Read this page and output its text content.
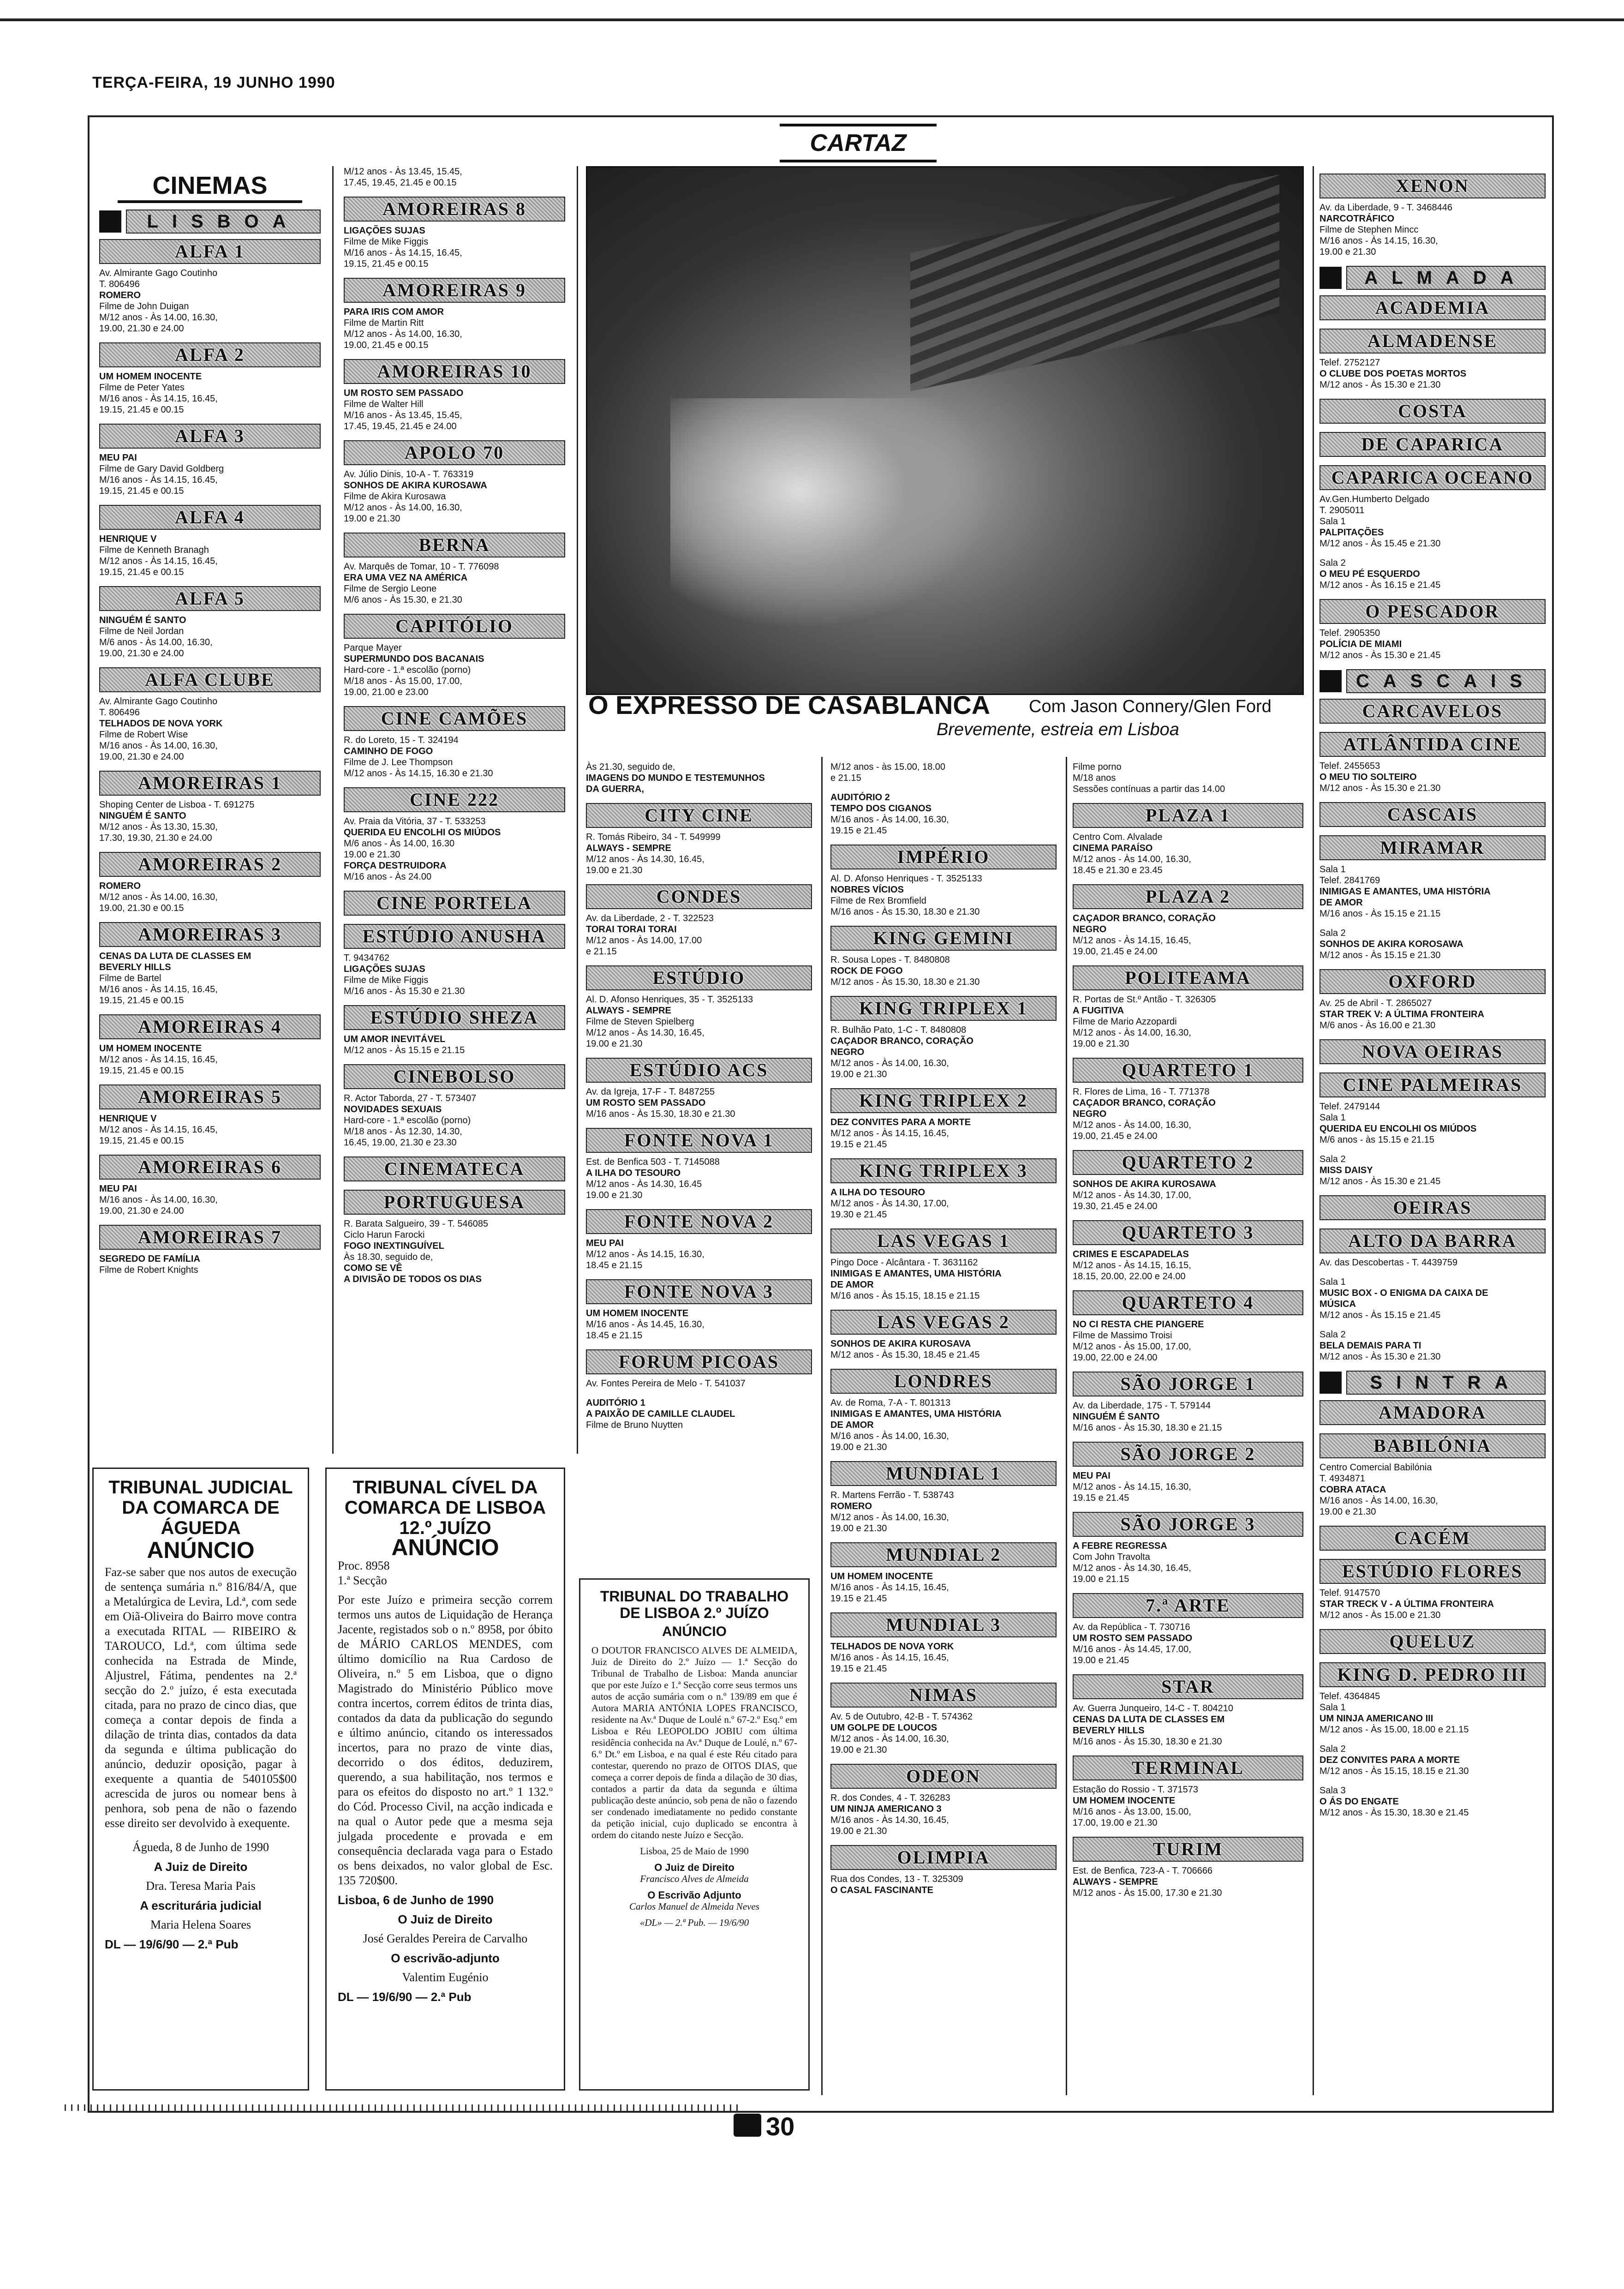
TERÇA-FEIRA, 19 JUNHO 1990
CARTAZ
CINEMAS
LISBOA
ALFA 1
Av. Almirante Gago Coutinho
T. 806496
ROMERO
Filme de John Duigan
M/12 anos - Às 14.00, 16.30,
19.00, 21.30 e 24.00
ALFA 2
UM HOMEM INOCENTE
Filme de Peter Yates
M/16 anos - Às 14.15, 16.45,
19.15, 21.45 e 00.15
ALFA 3
MEU PAI
Filme de Gary David Goldberg
M/16 anos - Às 14.15, 16.45,
19.15, 21.45 e 00.15
ALFA 4
HENRIQUE V
Filme de Kenneth Branagh
M/12 anos - Às 14.15, 16.45,
19.15, 21.45 e 00.15
ALFA 5
NINGUÉM É SANTO
Filme de Neil Jordan
M/6 anos - Às 14.00, 16.30,
19.00, 21.30 e 24.00
ALFA CLUBE
Av. Almirante Gago Coutinho
T. 806496
TELHADOS DE NOVA YORK
Filme de Robert Wise
M/16 anos - Às 14.00, 16.30,
19.00, 21.30 e 24.00
AMOREIRAS 1
Shoping Center de Lisboa - T. 691275
NINGUÉM É SANTO
M/12 anos - Às 13.30, 15.30,
17.30, 19.30, 21.30 e 24.00
AMOREIRAS 2
ROMERO
M/12 anos - Às 14.00, 16.30,
19.00, 21.30 e 00.15
AMOREIRAS 3
CENAS DA LUTA DE CLASSES EM
BEVERLY HILLS
Filme de Bartel
M/16 anos - Às 14.15, 16.45,
19.15, 21.45 e 00.15
AMOREIRAS 4
UM HOMEM INOCENTE
M/12 anos - Às 14.15, 16.45,
19.15, 21.45 e 00.15
AMOREIRAS 5
HENRIQUE V
M/12 anos - Às 14.15, 16.45,
19.15, 21.45 e 00.15
AMOREIRAS 6
MEU PAI
M/16 anos - Às 14.00, 16.30,
19.00, 21.30 e 24.00
AMOREIRAS 7
SEGREDO DE FAMÍLIA
Filme de Robert Knights
M/12 anos - Às 13.45, 15.45,
17.45, 19.45, 21.45 e 00.15
AMOREIRAS 8
LIGAÇÕES SUJAS
Filme de Mike Figgis
M/16 anos - Às 14.15, 16.45,
19.15, 21.45 e 00.15
AMOREIRAS 9
PARA IRIS COM AMOR
Filme de Martin Ritt
M/12 anos - Às 14.00, 16.30,
19.00, 21.45 e 00.15
AMOREIRAS 10
UM ROSTO SEM PASSADO
Filme de Walter Hill
M/16 anos - Às 13.45, 15.45,
17.45, 19.45, 21.45 e 24.00
APOLO 70
Av. Júlio Dinis, 10-A - T. 763319
SONHOS DE AKIRA KUROSAWA
Filme de Akira Kurosawa
M/12 anos - Às 14.00, 16.30,
19.00 e 21.30
BERNA
Av. Marquês de Tomar, 10 - T. 776098
ERA UMA VEZ NA AMÉRICA
Filme de Sergio Leone
M/6 anos - Às 15.30, e 21.30
CAPITÓLIO
Parque Mayer
SUPERMUNDO DOS BACANAIS
Hard-core - 1.ª escolão (porno)
M/18 anos - Às 15.00, 17.00,
19.00, 21.00 e 23.00
CINE CAMÕES
R. do Loreto, 15 - T. 324194
CAMINHO DE FOGO
Filme de J. Lee Thompson
M/12 anos - Às 14.15, 16.30 e 21.30
CINE 222
Av. Praia da Vitória, 37 - T. 533253
QUERIDA EU ENCOLHI OS MIÚDOS
M/6 anos - Às 14.00, 16.30
19.00 e 21.30
FORÇA DESTRUIDORA
M/16 anos - Às 24.00
CINE PORTELA
ESTÚDIO ANUSHA
T. 9434762
LIGAÇÕES SUJAS
Filme de Mike Figgis
M/16 anos - Às 15.30 e 21.30
ESTÚDIO SHEZA
UM AMOR INEVITÁVEL
M/12 anos - Às 15.15 e 21.15
CINEBOLSO
R. Actor Taborda, 27 - T. 573407
NOVIDADES SEXUAIS
Hard-core - 1.ª escolão (porno)
M/18 anos - Às 12.30, 14.30,
16.45, 19.00, 21.30 e 23.30
CINEMATECA
PORTUGUESA
R. Barata Salgueiro, 39 - T. 546085
Ciclo Harun Farocki
FOGO INEXTINGUÍVEL
Às 18.30, seguido de,
COMO SE VÊ
A DIVISÃO DE TODOS OS DIAS
Às 21.30, seguido de,
IMAGENS DO MUNDO E TESTEMUNHOS
DA GUERRA,
CITY CINE
R. Tomás Ribeiro, 34 - T. 549999
ALWAYS - SEMPRE
M/12 anos - Às 14.30, 16.45,
19.00 e 21.30
CONDES
Av. da Liberdade, 2 - T. 322523
TORAI TORAI TORAI
M/12 anos - Às 14.00, 17.00
e 21.15
ESTÚDIO
Al. D. Afonso Henriques, 35 - T. 3525133
ALWAYS - SEMPRE
Filme de Steven Spielberg
M/12 anos - Às 14.30, 16.45,
19.00 e 21.30
ESTÚDIO ACS
Av. da Igreja, 17-F - T. 8487255
UM ROSTO SEM PASSADO
M/16 anos - Às 15.30, 18.30 e 21.30
FONTE NOVA 1
Est. de Benfica 503 - T. 7145088
A ILHA DO TESOURO
M/12 anos - Às 14.30, 16.45
19.00 e 21.30
FONTE NOVA 2
MEU PAI
M/12 anos - Às 14.15, 16.30,
18.45 e 21.15
FONTE NOVA 3
UM HOMEM INOCENTE
M/16 anos - Às 14.45, 16.30,
18.45 e 21.15
FORUM PICOAS
Av. Fontes Pereira de Melo - T. 541037
AUDITÓRIO 1
A PAIXÃO DE CAMILLE CLAUDEL
Filme de Bruno Nuytten
M/12 anos - às 15.00, 18.00
e 21.15
AUDITÓRIO 2
TEMPO DOS CIGANOS
M/16 anos - Às 14.00, 16.30,
19.15 e 21.45
IMPÉRIO
Al. D. Afonso Henriques - T. 3525133
NOBRES VÍCIOS
Filme de Rex Bromfield
M/16 anos - Às 15.30, 18.30 e 21.30
KING GEMINI
R. Sousa Lopes - T. 8480808
ROCK DE FOGO
M/12 anos - Às 15.30, 18.30 e 21.30
KING TRIPLEX 1
R. Bulhão Pato, 1-C - T. 8480808
CAÇADOR BRANCO, CORAÇÃO
NEGRO
M/12 anos - Às 14.00, 16.30,
19.00 e 21.30
KING TRIPLEX 2
DEZ CONVITES PARA A MORTE
M/12 anos - Às 14.15, 16.45,
19.15 e 21.45
KING TRIPLEX 3
A ILHA DO TESOURO
M/12 anos - Às 14.30, 17.00,
19.30 e 21.45
LAS VEGAS 1
Pingo Doce - Alcântara - T. 3631162
INIMIGAS E AMANTES, UMA HISTÓRIA
DE AMOR
M/16 anos - Às 15.15, 18.15 e 21.15
LAS VEGAS 2
SONHOS DE AKIRA KUROSAVA
M/12 anos - Às 15.30, 18.45 e 21.45
LONDRES
Av. de Roma, 7-A - T. 801313
INIMIGAS E AMANTES, UMA HISTÓRIA
DE AMOR
M/16 anos - Às 14.00, 16.30,
19.00 e 21.30
MUNDIAL 1
R. Martens Ferrão - T. 538743
ROMERO
M/12 anos - Às 14.00, 16.30,
19.00 e 21.30
MUNDIAL 2
UM HOMEM INOCENTE
M/16 anos - Às 14.15, 16.45,
19.15 e 21.45
MUNDIAL 3
TELHADOS DE NOVA YORK
M/16 anos - Às 14.15, 16.45,
19.15 e 21.45
NIMAS
Av. 5 de Outubro, 42-B - T. 574362
UM GOLPE DE LOUCOS
M/12 anos - Às 14.00, 16.30,
19.00 e 21.30
ODEON
R. dos Condes, 4 - T. 326283
UM NINJA AMERICANO 3
M/16 anos - Às 14.30, 16.45,
19.00 e 21.30
OLIMPIA
Rua dos Condes, 13 - T. 325309
O CASAL FASCINANTE
Filme porno
M/18 anos
Sessões contínuas a partir das 14.00
PLAZA 1
Centro Com. Alvalade
CINEMA PARAÍSO
M/12 anos - Às 14.00, 16.30,
18.45 e 21.30 e 23.45
PLAZA 2
CAÇADOR BRANCO, CORAÇÃO
NEGRO
M/12 anos - Às 14.15, 16.45,
19.00, 21.45 e 24.00
POLITEAMA
R. Portas de St.º Antão - T. 326305
A FUGITIVA
Filme de Mario Azzopardi
M/12 anos - Às 14.00, 16.30,
19.00 e 21.30
QUARTETO 1
R. Flores de Lima, 16 - T. 771378
CAÇADOR BRANCO, CORAÇÃO
NEGRO
M/12 anos - Às 14.00, 16.30,
19.00, 21.45 e 24.00
QUARTETO 2
SONHOS DE AKIRA KUROSAWA
M/12 anos - Às 14.30, 17.00,
19.30, 21.45 e 24.00
QUARTETO 3
CRIMES E ESCAPADELAS
M/12 anos - Às 14.15, 16.15,
18.15, 20.00, 22.00 e 24.00
QUARTETO 4
NO CI RESTA CHE PIANGERE
Filme de Massimo Troisi
M/12 anos - Às 15.00, 17.00,
19.00, 22.00 e 24.00
SÃO JORGE 1
Av. da Liberdade, 175 - T. 579144
NINGUÉM É SANTO
M/16 anos - Às 15.30, 18.30 e 21.15
SÃO JORGE 2
MEU PAI
M/12 anos - Às 14.15, 16.30,
19.15 e 21.45
SÃO JORGE 3
A FEBRE REGRESSA
Com John Travolta
M/12 anos - Às 14.30, 16.45,
19.00 e 21.15
7.ª ARTE
Av. da República - T. 730716
UM ROSTO SEM PASSADO
M/16 anos - Às 14.45, 17.00,
19.00 e 21.45
STAR
Av. Guerra Junqueiro, 14-C - T. 804210
CENAS DA LUTA DE CLASSES EM
BEVERLY HILLS
M/16 anos - Às 15.30, 18.30 e 21.30
TERMINAL
Estação do Rossio - T. 371573
UM HOMEM INOCENTE
M/16 anos - Às 13.00, 15.00,
17.00, 19.00 e 21.30
TURIM
Est. de Benfica, 723-A - T. 706666
ALWAYS - SEMPRE
M/12 anos - Às 15.00, 17.30 e 21.30
XENON
Av. da Liberdade, 9 - T. 3468446
NARCOTRÁFICO
Filme de Stephen Mincc
M/16 anos - Às 14.15, 16.30,
19.00 e 21.30
ALMADA
ACADEMIA
ALMADENSE
Telef. 2752127
O CLUBE DOS POETAS MORTOS
M/12 anos - Às 15.30 e 21.30
COSTA
DE CAPARICA
CAPARICA OCEANO
Av.Gen.Humberto Delgado
T. 2905011
Sala 1
PALPITAÇÕES
M/12 anos - Às 15.45 e 21.30
Sala 2
O MEU PÉ ESQUERDO
M/12 anos - Às 16.15 e 21.45
O PESCADOR
Telef. 2905350
POLÍCIA DE MIAMI
M/12 anos - Às 15.30 e 21.45
CASCAIS
CARCAVELOS
ATLÂNTIDA CINE
Telef. 2455653
O MEU TIO SOLTEIRO
M/12 anos - Às 15.30 e 21.30
CASCAIS
MIRAMAR
Sala 1
Telef. 2841769
INIMIGAS E AMANTES, UMA HISTÓRIA
DE AMOR
M/16 anos - Às 15.15 e 21.15
Sala 2
SONHOS DE AKIRA KOROSAWA
M/12 anos - Às 15.15 e 21.30
OXFORD
Av. 25 de Abril - T. 2865027
STAR TREK V: A ÚLTIMA FRONTEIRA
M/6 anos - Às 16.00 e 21.30
NOVA OEIRAS
CINE PALMEIRAS
Telef. 2479144
Sala 1
QUERIDA EU ENCOLHI OS MIÚDOS
M/6 anos - às 15.15 e 21.15
Sala 2
MISS DAISY
M/12 anos - Às 15.30 e 21.45
OEIRAS
ALTO DA BARRA
Av. das Descobertas - T. 4439759
Sala 1
MUSIC BOX - O ENIGMA DA CAIXA DE
MÚSICA
M/12 anos - Às 15.15 e 21.45
Sala 2
BELA DEMAIS PARA TI
M/12 anos - Às 15.30 e 21.30
SINTRA
AMADORA
BABILÓNIA
Centro Comercial Babilónia
T. 4934871
COBRA ATACA
M/16 anos - Às 14.00, 16.30,
19.00 e 21.30
CACÉM
ESTÚDIO FLORES
Telef. 9147570
STAR TRECK V - A ÚLTIMA FRONTEIRA
M/12 anos - Às 15.00 e 21.30
QUELUZ
KING D. PEDRO III
Telef. 4364845
Sala 1
UM NINJA AMERICANO III
M/12 anos - Às 15.00, 18.00 e 21.15
Sala 2
DEZ CONVITES PARA A MORTE
M/12 anos - Às 15.15, 18.15 e 21.30
Sala 3
O ÁS DO ENGATE
M/12 anos - Às 15.30, 18.30 e 21.45
O EXPRESSO DE CASABLANCA Com Jason Connery/Glen Ford
Brevemente, estreia em Lisboa
TRIBUNAL JUDICIAL DA COMARCA DE ÁGUEDA
ANÚNCIO

Faz-se saber que nos autos de execução de sentença sumária n.º 816/84/A, que a Metalúrgica de Levira, Ld.ª, com sede em Oiã-Oliveira do Bairro move contra a executada RITAL — RIBEIRO & TAROUCO, Ld.ª, com última sede conhecida na Estrada de Minde, Aljustrel, Fátima, pendentes na 2.ª secção do 2.º juízo, é esta executada citada, para no prazo de cinco dias, que começa a contar depois de finda a dilação de trinta dias, contados da data da segunda e última publicação do anúncio, deduzir oposição, pagar à exequente a quantia de 540105$00 acrescida de juros ou nomear bens à penhora, sob pena de não o fazendo esse direito ser devolvido à exequente.

Águeda, 8 de Junho de 1990

A Juiz de Direito

Dra. Teresa Maria Pais

A escriturária judicial

Maria Helena Soares

DL — 19/6/90 — 2.ª Pub

TRIBUNAL CÍVEL DA COMARCA DE LISBOA 12.º JUÍZO
ANÚNCIO

Proc. 8958

1.ª Secção

Por este Juízo e primeira secção correm termos uns autos de Liquidação de Herança Jacente, registados sob o n.º 8958, por óbito de MÁRIO CARLOS MENDES, com último domicílio na Rua Cardoso de Oliveira, n.º 5 em Lisboa, que o digno Magistrado do Ministério Público move contra incertos, correm éditos de trinta dias, contados da data da publicação do segundo e último anúncio, citando os interessados incertos, para no prazo de vinte dias, decorrido o dos éditos, deduzirem, querendo, a sua habilitação, nos termos e para os efeitos do disposto no art.º 1 132.º do Cód. Processo Civil, na acção indicada e na qual o Autor pede que a mesma seja julgada procedente e provada e em consequência declarada vaga para o Estado os bens deixados, no valor global de Esc. 135 720$00.

Lisboa, 6 de Junho de 1990

O Juiz de Direito

José Geraldes Pereira de Carvalho

O escrivão-adjunto

Valentim Eugénio

DL — 19/6/90 — 2.ª Pub

TRIBUNAL DO TRABALHO DE LISBOA 2.º JUÍZO
ANÚNCIO

O DOUTOR FRANCISCO ALVES DE ALMEIDA, Juiz de Direito do 2.º Juízo — 1.ª Secção do Tribunal de Trabalho de Lisboa: Manda anunciar que por este Juízo e 1.ª Secção corre seus termos uns autos de acção sumária com o n.º 139/89 em que é Autora MARIA ANTÓNIA LOPES FRANCISCO, residente na Av.ª Duque de Loulé n.º 67-2.º Esq.º em Lisboa e Réu LEOPOLDO JOBIU com última residência conhecida na Av.ª Duque de Loulé, n.º 67-6.º Dt.º em Lisboa, e na qual é este Réu citado para contestar, querendo no prazo de OITOS DIAS, que começa a correr depois de finda a dilação de 30 dias, contados a partir da data da segunda e última publicação deste anúncio, sob pena de não o fazendo ser condenado imediatamente no pedido constante da petição inicial, cujo duplicado se encontra à ordem do citando neste Juízo e Secção.

Lisboa, 25 de Maio de 1990

O Juiz de Direito

Francisco Alves de Almeida

O Escrivão Adjunto

Carlos Manuel de Almeida Neves

«DL» — 2.ª Pub. — 19/6/90

30
